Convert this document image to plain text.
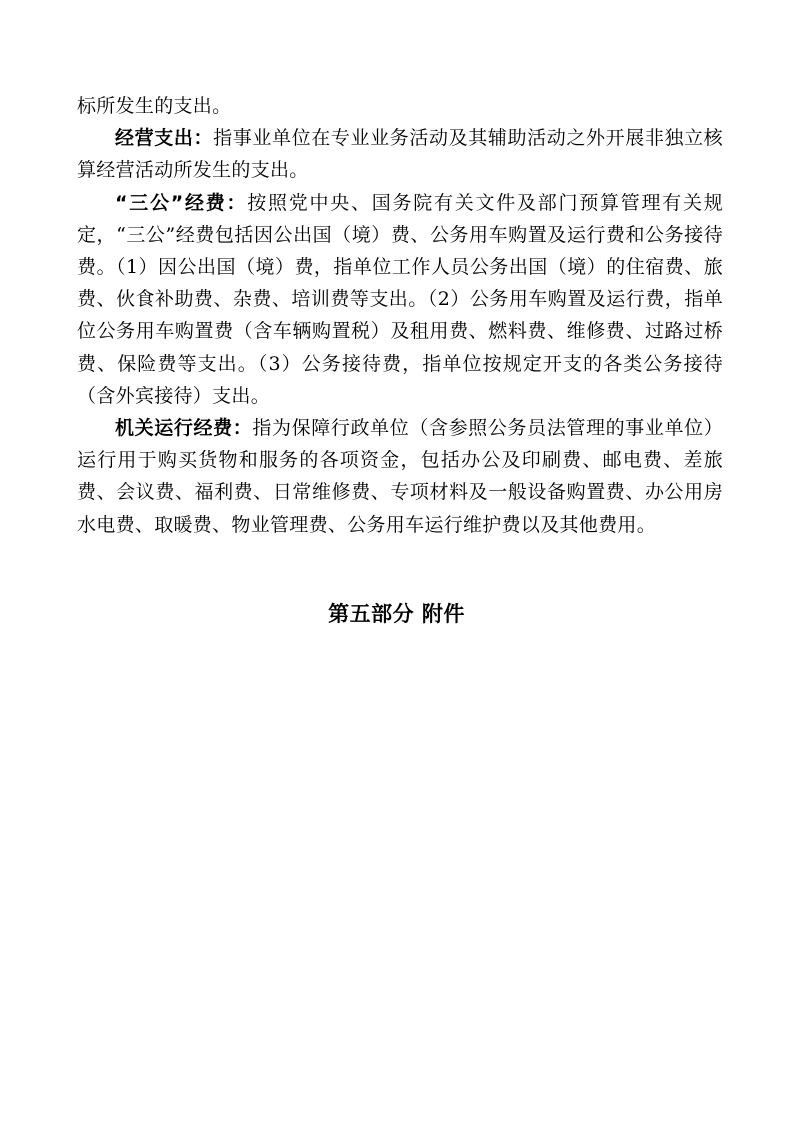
标所发生的支出。

经营支出：指事业单位在专业业务活动及其辅助活动之外开展非独立核算经营活动所发生的支出。

“三公”经费：按照党中央、国务院有关文件及部门预算管理有关规定，“三公”经费包括因公出国（境）费、公务用车购置及运行费和公务接待费。（1）因公出国（境）费，指单位工作人员公务出国（境）的住宿费、旅费、伙食补助费、杂费、培训费等支出。（2）公务用车购置及运行费，指单位公务用车购置费（含车辆购置税）及租用费、燃料费、维修费、过路过桥费、保险费等支出。（3）公务接待费，指单位按规定开支的各类公务接待（含外宾接待）支出。

机关运行经费：指为保障行政单位（含参照公务员法管理的事业单位）运行用于购买货物和服务的各项资金，包括办公及印刷费、邮电费、差旅费、会议费、福利费、日常维修费、专项材料及一般设备购置费、办公用房水电费、取暖费、物业管理费、公务用车运行维护费以及其他费用。

第五部分 附件
